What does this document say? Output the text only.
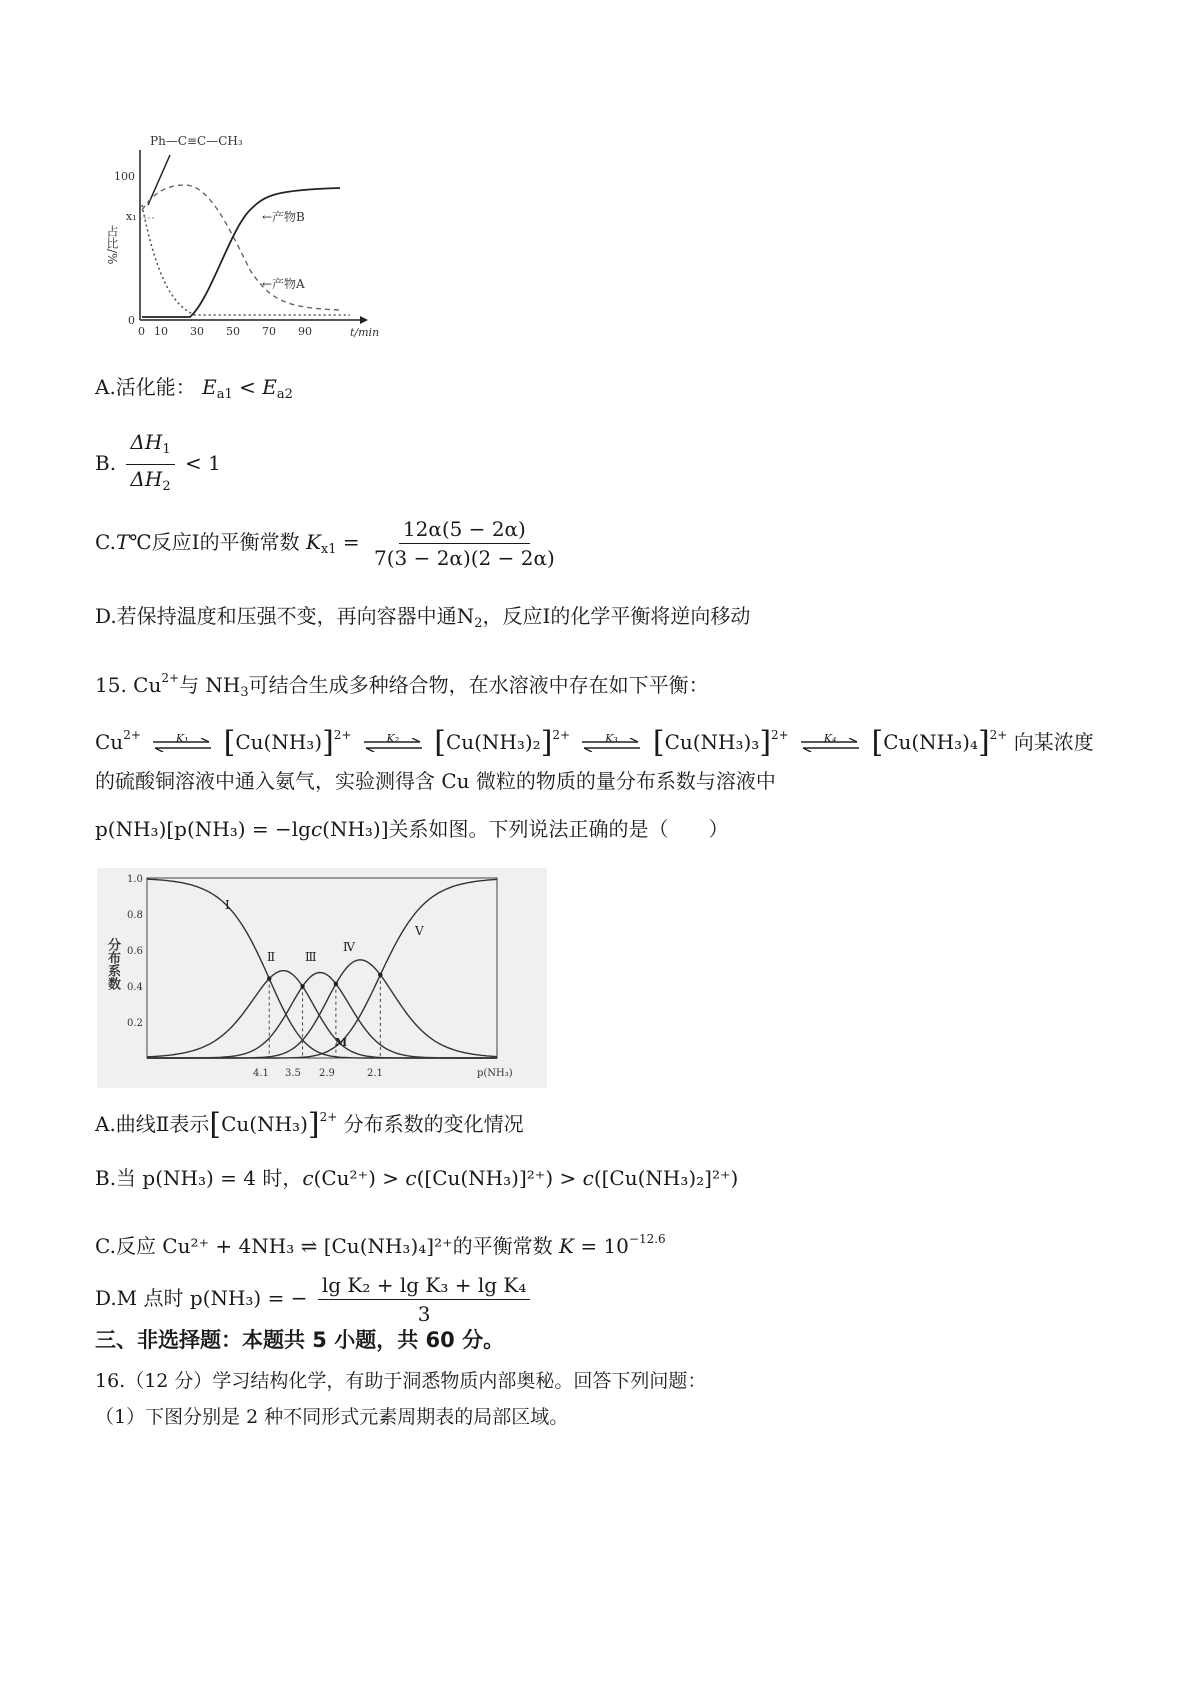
Ph—C≡C—CH₃
占比/%
100
x₁
0
0 10 30 50 70 90	t/min
←产物B
←产物A
A.活化能： $E_{a1} < E_{a2}$
B. $\frac{\Delta H_1}{\Delta H_2} < 1$
C.T℃反应Ⅰ的平衡常数 $K_{x1} = \frac{12\alpha(5 - 2\alpha)}{7(3 - 2\alpha)(2 - 2\alpha)}$
D.若保持温度和压强不变，再向容器中通$N_2$，反应Ⅰ的化学平衡将逆向移动
15. $Cu^{2+}$与 $NH_3$可结合生成多种络合物，在水溶液中存在如下平衡：
$Cu^{2+}$	K₁	$[Cu(NH_3)]^{2+}$	K₂	$[Cu(NH_3)_2]^{2+}$	K₃	$[Cu(NH_3)_3]^{2+}$	K₄	$[Cu(NH_3)_4]^{2+}$ 向某浓度
的硫酸铜溶液中通入氨气，实验测得含 Cu 微粒的物质的量分布系数与溶液中
p(NH₃)[p(NH₃) = −lgc(NH₃)]关系如图。下列说法正确的是（　　）
分布系数
1.0
0.8
0.6
0.4
0.2
4.1 3.5 2.9	2.1	p(NH₃)
Ⅰ
Ⅱ Ⅲ
Ⅳ
Ⅴ
M
A.曲线Ⅱ表示$[Cu(NH_3)]^{2+}$ 分布系数的变化情况
B.当 p(NH₃) = 4 时，c(Cu²⁺) > c([Cu(NH₃)]²⁺) > c([Cu(NH₃)₂]²⁺)
C.反应 Cu²⁺ + 4NH₃ ⇌ [Cu(NH₃)₄]²⁺的平衡常数 $K = 10^{-12.6}$
D.M 点时 p(NH₃) = − $\frac{\text{lg K₂ + lg K₃ + lg K₄}}{3}$
三、非选择题：本题共 5 小题，共 60 分。
16.（12 分）学习结构化学，有助于洞悉物质内部奥秘。回答下列问题：
（1）下图分别是 2 种不同形式元素周期表的局部区域。
